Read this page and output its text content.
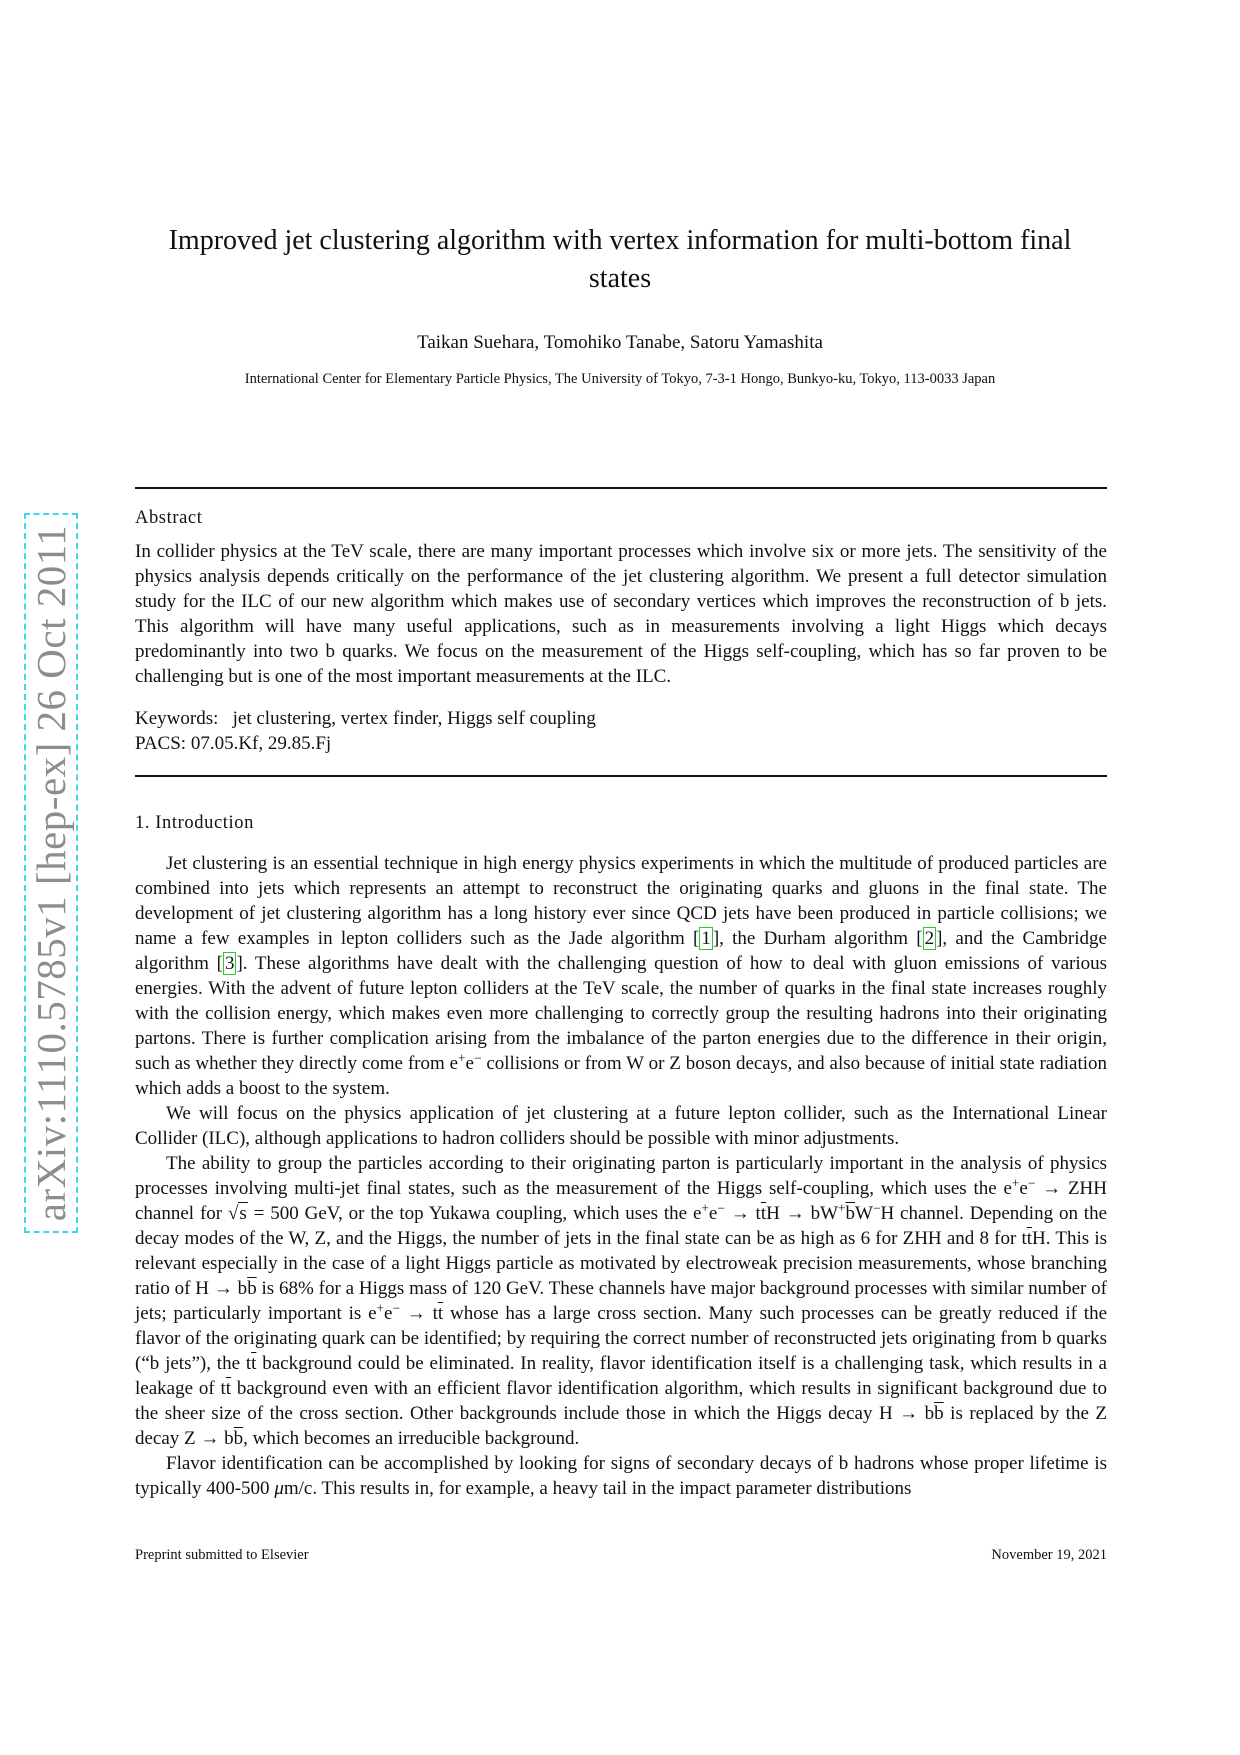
arXiv:1110.5785v1 [hep-ex] 26 Oct 2011
Improved jet clustering algorithm with vertex information for multi-bottom final states
Taikan Suehara, Tomohiko Tanabe, Satoru Yamashita
International Center for Elementary Particle Physics, The University of Tokyo, 7-3-1 Hongo, Bunkyo-ku, Tokyo, 113-0033 Japan
Abstract

In collider physics at the TeV scale, there are many important processes which involve six or more jets. The sensitivity of the physics analysis depends critically on the performance of the jet clustering algorithm. We present a full detector simulation study for the ILC of our new algorithm which makes use of secondary vertices which improves the reconstruction of b jets. This algorithm will have many useful applications, such as in measurements involving a light Higgs which decays predominantly into two b quarks. We focus on the measurement of the Higgs self-coupling, which has so far proven to be challenging but is one of the most important measurements at the ILC.

Keywords:   jet clustering, vertex finder, Higgs self coupling

PACS: 07.05.Kf, 29.85.Fj

1. Introduction

Jet clustering is an essential technique in high energy physics experiments in which the multitude of produced particles are combined into jets which represents an attempt to reconstruct the originating quarks and gluons in the final state. The development of jet clustering algorithm has a long history ever since QCD jets have been produced in particle collisions; we name a few examples in lepton colliders such as the Jade algorithm [ 1 ], the Durham algorithm [ 2 ], and the Cambridge algorithm [ 3 ]. These algorithms have dealt with the challenging question of how to deal with gluon emissions of various energies. With the advent of future lepton colliders at the TeV scale, the number of quarks in the final state increases roughly with the collision energy, which makes even more challenging to correctly group the resulting hadrons into their originating partons. There is further complication arising from the imbalance of the parton energies due to the difference in their origin, such as whether they directly come from e+e− collisions or from W or Z boson decays, and also because of initial state radiation which adds a boost to the system.

We will focus on the physics application of jet clustering at a future lepton collider, such as the International Linear Collider (ILC), although applications to hadron colliders should be possible with minor adjustments.

The ability to group the particles according to their originating parton is particularly important in the analysis of physics processes involving multi-jet final states, such as the measurement of the Higgs self-coupling, which uses the e+e− → ZHH channel for √s = 500 GeV, or the top Yukawa coupling, which uses the $e^+e^- \to t\overline{t}H \to bW^+\overline{b}W^-H$ channel. Depending on the decay modes of the W, Z, and the Higgs, the number of jets in the final state can be as high as 6 for ZHH and 8 for $t\overline{t}H$. This is relevant especially in the case of a light Higgs particle as motivated by electroweak precision measurements, whose branching ratio of $H \to b\overline{b}$ is 68% for a Higgs mass of 120 GeV. These channels have major background processes with similar number of jets; particularly important is $e^+e^- \to t\overline{t}$ whose has a large cross section. Many such processes can be greatly reduced if the flavor of the originating quark can be identified; by requiring the correct number of reconstructed jets originating from b quarks (“b jets”), the $t\overline{t}$ background could be eliminated. In reality, flavor identification itself is a challenging task, which results in a leakage of $t\overline{t}$ background even with an efficient flavor identification algorithm, which results in significant background due to the sheer size of the cross section. Other backgrounds include those in which the Higgs decay $H \to b\overline{b}$ is replaced by the Z decay $Z \to b\overline{b}$, which becomes an irreducible background.

Flavor identification can be accomplished by looking for signs of secondary decays of b hadrons whose proper lifetime is typically 400-500 μm/c. This results in, for example, a heavy tail in the impact parameter distributions

Preprint submitted to Elsevier	November 19, 2021
